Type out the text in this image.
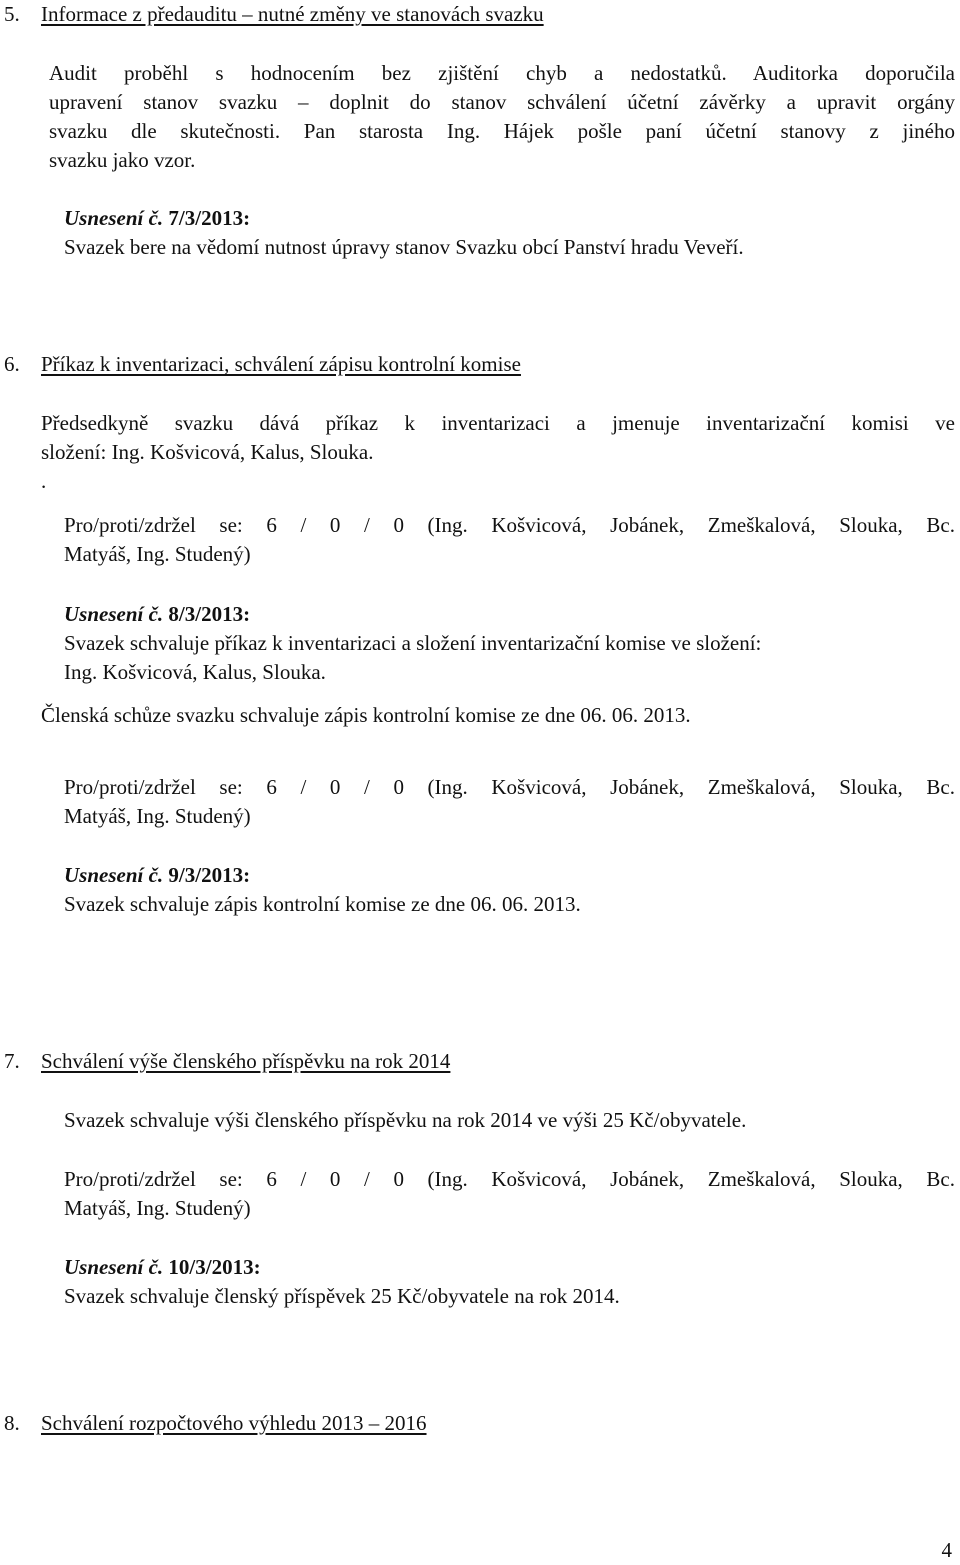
5. Informace z předauditu – nutné změny ve stanovách svazku
Audit proběhl s hodnocením bez zjištění chyb a nedostatků. Auditorka doporučila
upravení stanov svazku – doplnit do stanov schválení účetní závěrky a upravit orgány
svazku dle skutečnosti. Pan starosta Ing. Hájek pošle paní účetní stanovy z jiného
svazku jako vzor.
Usnesení č. 7/3/2013:
Svazek bere na vědomí nutnost úpravy stanov Svazku obcí Panství hradu Veveří.
6. Příkaz k inventarizaci, schválení zápisu kontrolní komise
Předsedkyně svazku dává příkaz k inventarizaci a jmenuje inventarizační komisi ve
složení: Ing. Košvicová, Kalus, Slouka.
.
Pro/proti/zdržel se: 6 / 0 / 0 (Ing. Košvicová, Jobánek, Zmeškalová, Slouka, Bc.
Matyáš, Ing. Studený)
Usnesení č. 8/3/2013:
Svazek schvaluje příkaz k inventarizaci a složení inventarizační komise ve složení:
Ing. Košvicová, Kalus, Slouka.
Členská schůze svazku schvaluje zápis kontrolní komise ze dne 06. 06. 2013.
Pro/proti/zdržel se: 6 / 0 / 0 (Ing. Košvicová, Jobánek, Zmeškalová, Slouka, Bc.
Matyáš, Ing. Studený)
Usnesení č. 9/3/2013:
Svazek schvaluje zápis kontrolní komise ze dne 06. 06. 2013.
7. Schválení výše členského příspěvku na rok 2014
Svazek schvaluje výši členského příspěvku na rok 2014 ve výši 25 Kč/obyvatele.
Pro/proti/zdržel se: 6 / 0 / 0 (Ing. Košvicová, Jobánek, Zmeškalová, Slouka, Bc.
Matyáš, Ing. Studený)
Usnesení č. 10/3/2013:
Svazek schvaluje členský příspěvek 25 Kč/obyvatele na rok 2014.
8. Schválení rozpočtového výhledu 2013 – 2016
4
